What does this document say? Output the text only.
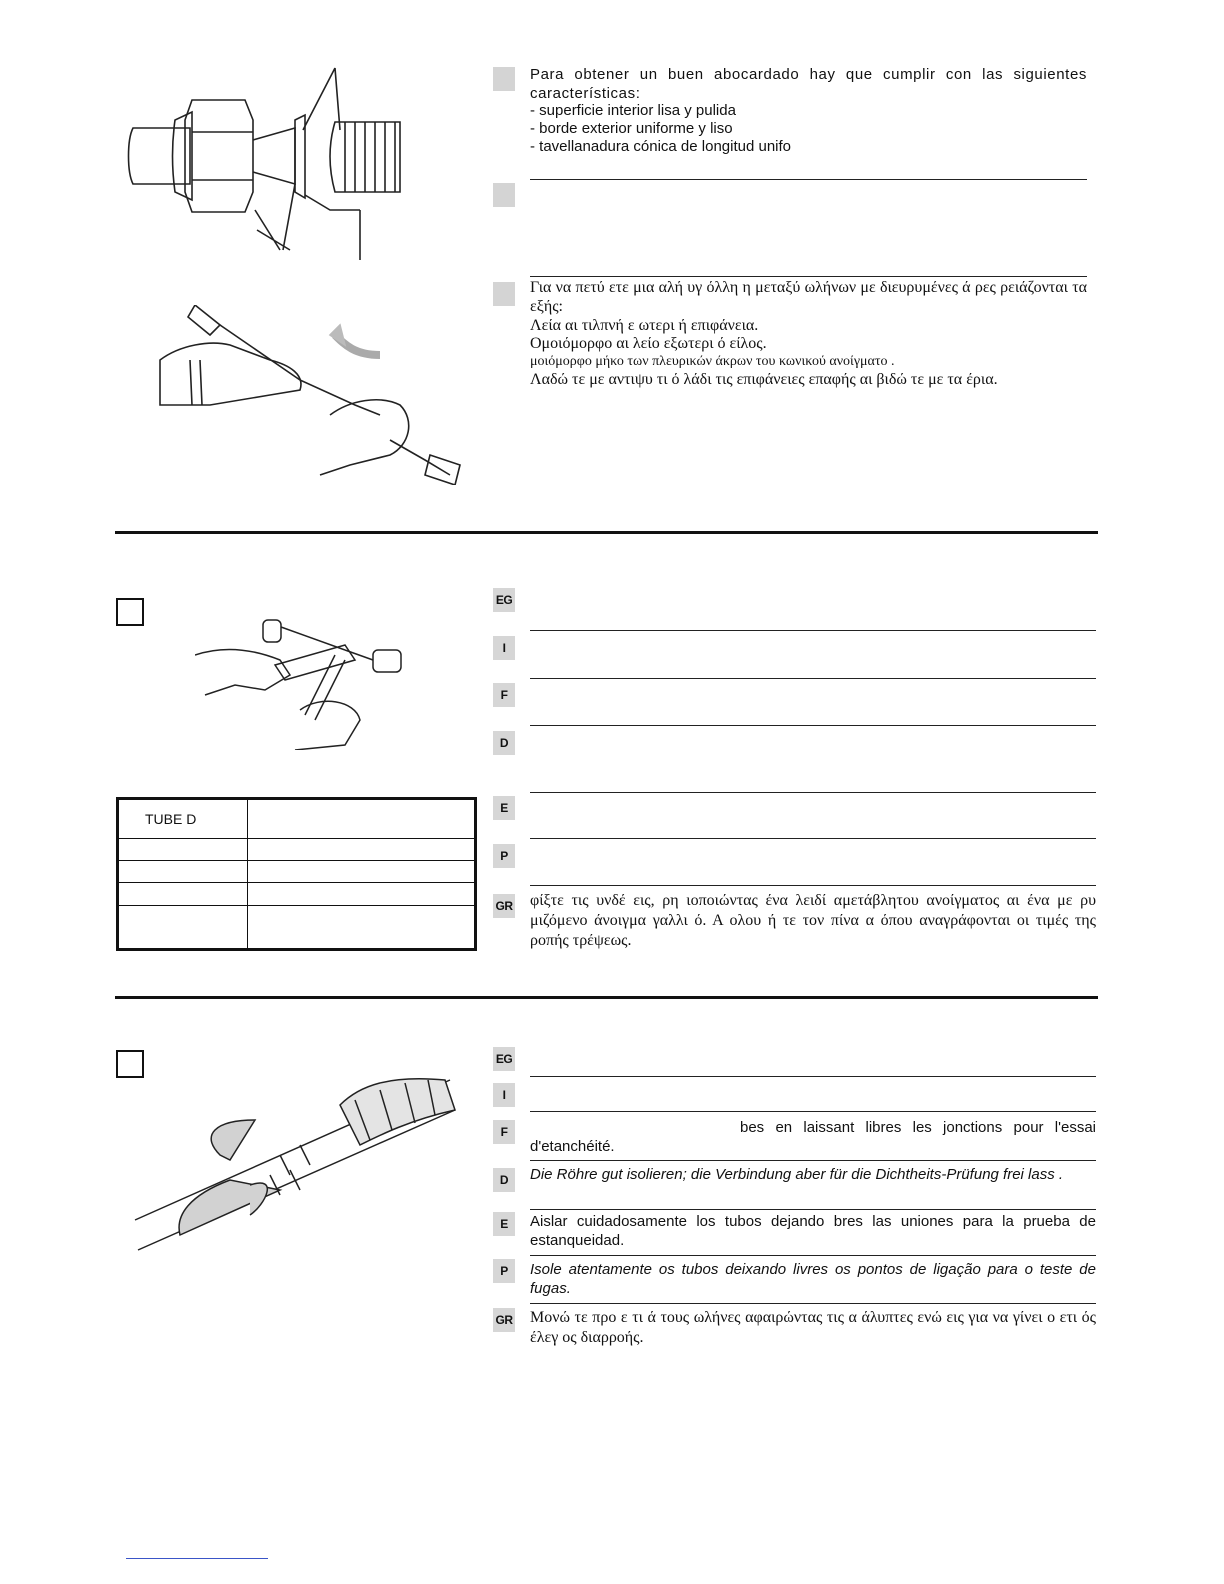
Para obtener un buen abocardado hay que cumplir con las siguientes características:
- superficie interior lisa y pulida
- borde exterior uniforme y liso
- tavellanadura cónica de longitud unifo
Για να πετύ ετε μια αλή υγ όλλη η μεταξύ ωλήνων με διευρυμένες ά ρες ρειάζονται τα εξής:
Λεία αι τιλπνή ε ωτερι ή επιφάνεια.
Ομοιόμορφο αι λείο εξωτερι ό είλος.
μοιόμορφο μήκο των πλευρικών άκρων του κωνικού ανοίγματο .
Λαδώ τε με αντιψυ τι ό λάδι τις επιφάνειες επαφής αι βιδώ τε με τα έρια.
EG
I
F
D
E
P
GR φίξτε τις υνδέ εις, ρη ιοποιώντας ένα λειδί αμετάβλητου ανοίγματος αι ένα με ρυ μιζόμενο άνοιγμα γαλλι ό. Α ολου ή τε τον πίνα α όπου αναγράφονται οι τιμές της ροπής τρέψεως.
TUBE D	

EG
I
F	bes en laissant libres les jonctions pour l'essai
d'etanchéité.
D	Die Röhre gut isolieren; die Verbindung aber für die Dichtheits-Prüfung frei lass .
E	Aislar cuidadosamente los tubos dejando bres las uniones para la prueba de estanqueidad.
P	Isole atentamente os tubos deixando livres os pontos de ligação para o teste de fugas.
GR Μονώ τε προ ε τι ά τους ωλήνες αφαιρώντας τις α άλυπτες ενώ εις για να γίνει ο ετι ός έλεγ ος διαρροής.
